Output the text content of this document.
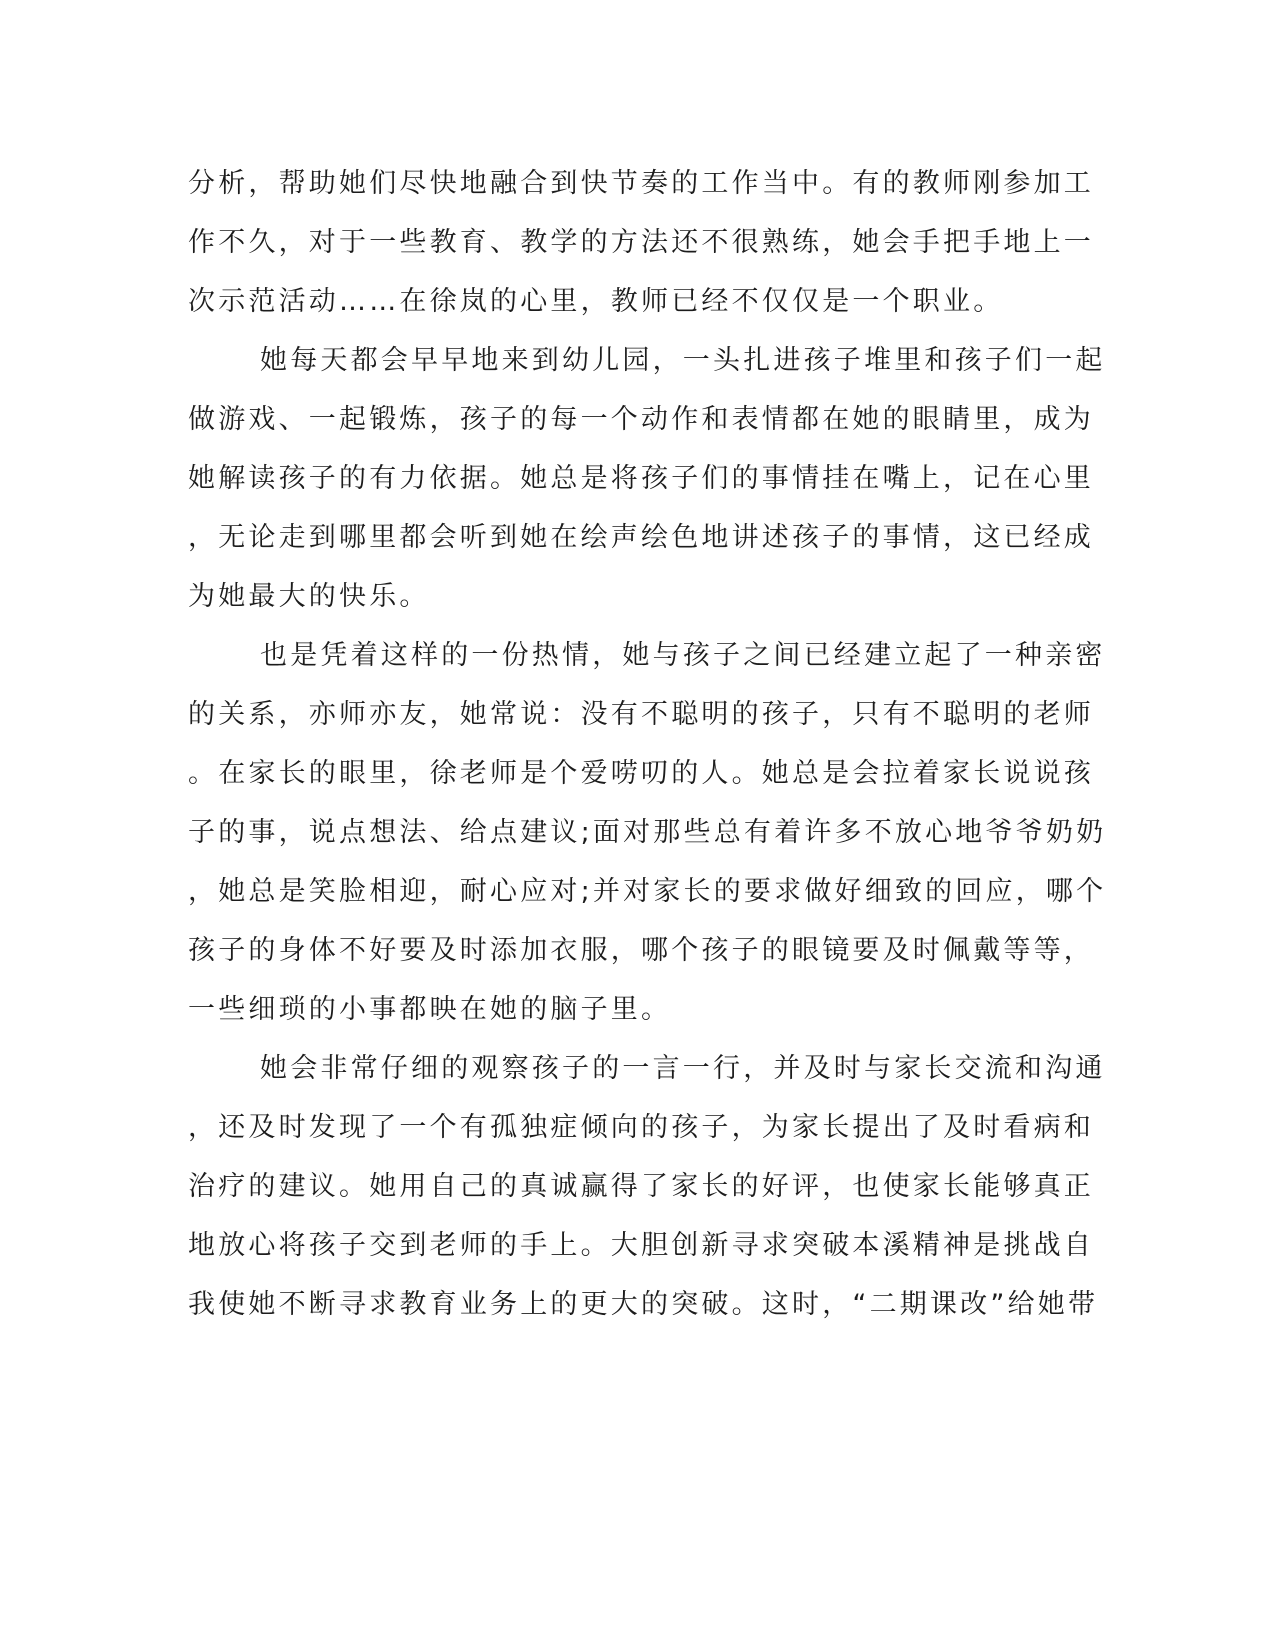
分析，帮助她们尽快地融合到快节奏的工作当中。有的教师刚参加工
作不久，对于一些教育、教学的方法还不很熟练，她会手把手地上一
次示范活动……在徐岚的心里，教师已经不仅仅是一个职业。
她每天都会早早地来到幼儿园，一头扎进孩子堆里和孩子们一起
做游戏、一起锻炼，孩子的每一个动作和表情都在她的眼睛里，成为
她解读孩子的有力依据。她总是将孩子们的事情挂在嘴上，记在心里
，无论走到哪里都会听到她在绘声绘色地讲述孩子的事情，这已经成
为她最大的快乐。
也是凭着这样的一份热情，她与孩子之间已经建立起了一种亲密
的关系，亦师亦友，她常说：没有不聪明的孩子，只有不聪明的老师
。在家长的眼里，徐老师是个爱唠叨的人。她总是会拉着家长说说孩
子的事，说点想法、给点建议;面对那些总有着许多不放心地爷爷奶奶
，她总是笑脸相迎，耐心应对;并对家长的要求做好细致的回应，哪个
孩子的身体不好要及时添加衣服，哪个孩子的眼镜要及时佩戴等等，
一些细琐的小事都映在她的脑子里。
她会非常仔细的观察孩子的一言一行，并及时与家长交流和沟通
，还及时发现了一个有孤独症倾向的孩子，为家长提出了及时看病和
治疗的建议。她用自己的真诚赢得了家长的好评，也使家长能够真正
地放心将孩子交到老师的手上。大胆创新寻求突破本溪精神是挑战自
我使她不断寻求教育业务上的更大的突破。这时，“二期课改”给她带
